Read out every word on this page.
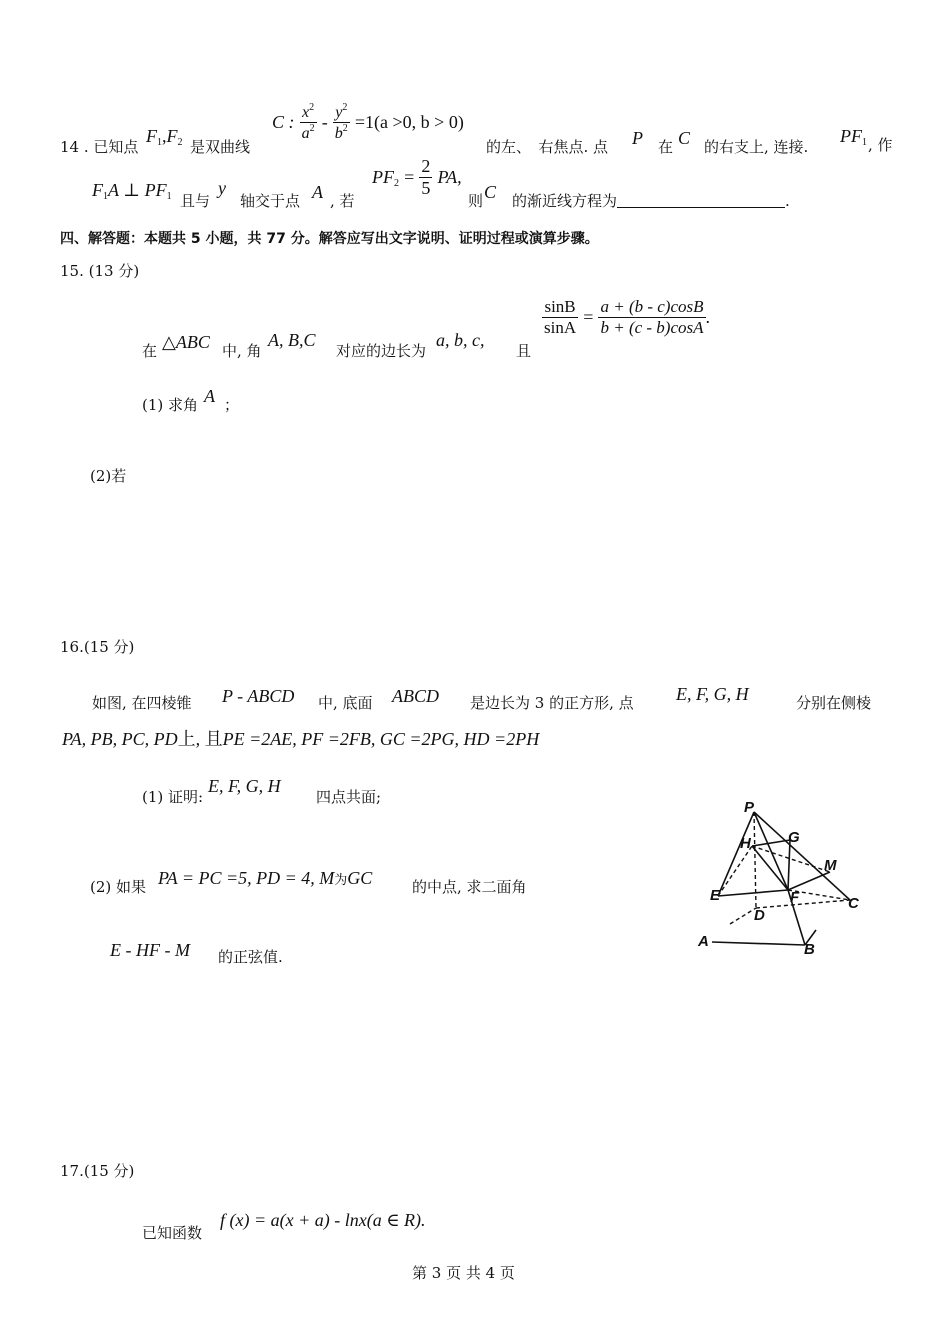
14 . 已知点
$F_1,F_2$ 是双曲线
C : $\frac{x^2}{a^2} - \frac{y^2}{b^2} =1(a >0$, b > 0)
的左、　右焦点. 点 P 在 C 的右支上, 连接.
$PF_1$ , 作
$F_1A$ ⊥ $PF_1$ 且与
y
轴交于点 A , 若
$PF_2 = \frac{2}{5}$ PA,
则 C 的渐近线方程为	.
四、解答题：本题共 5 小题，共 77 分。解答应写出文字说明、证明过程或演算步骤。
15. (13 分)
在 △ABC 中, 角
A, B,C
对应的边长为
a, b, c,
且
$\frac{\sin B}{\sin A} = \frac{a + (b - c)\cos B}{b + (c - b)\cos A}$ .
(1) 求角 A ；
(2)若
16.(15 分)
如图, 在四棱锥 P - ABCD 中, 底面 ABCD 是边长为 3 的正方形, 点 E, F, G, H	分别在侧棱
PA, PB, PC, PD上, 且PE =2AE, PF =2FB, GC =2PG, HD =2PH
(1) 证明:
E, F, G, H
四点共面;
(2) 如果 PA = PC =5, PD = 4, M为GC	的中点, 求二面角
E - HF - M 的正弦值.
P
G
H
M
E	F
D
C
A	B
17.(15 分)
已知函数
f (x) = a(x + a) - lnx(a ∈ R).
第 3 页 共 4 页
